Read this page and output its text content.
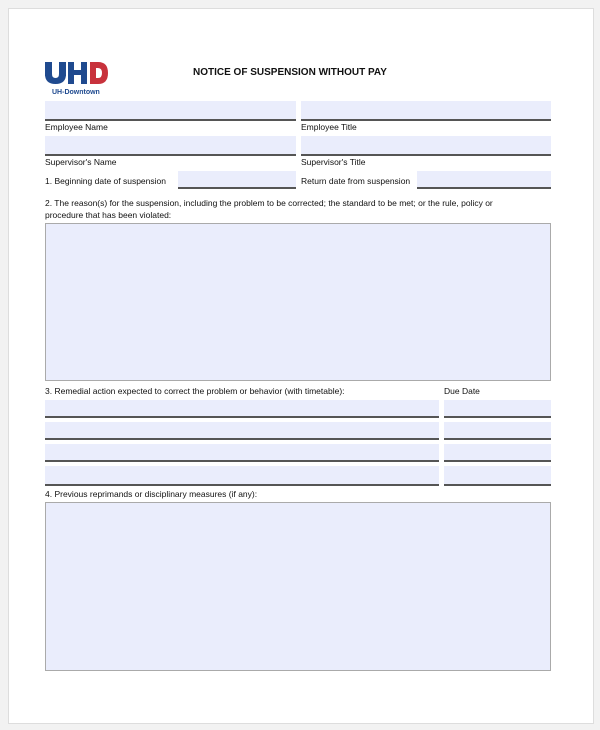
UH-Downtown
NOTICE OF SUSPENSION WITHOUT PAY
Employee Name	Employee Title
Supervisor's Name	Supervisor's Title
1. Beginning date of suspension	Return date from suspension
2. The reason(s) for the suspension, including the problem to be corrected; the standard to be met; or the rule, policy or
procedure that has been violated:
3. Remedial action expected to correct the problem or behavior (with timetable):	Due Date
4. Previous reprimands or disciplinary measures (if any):
